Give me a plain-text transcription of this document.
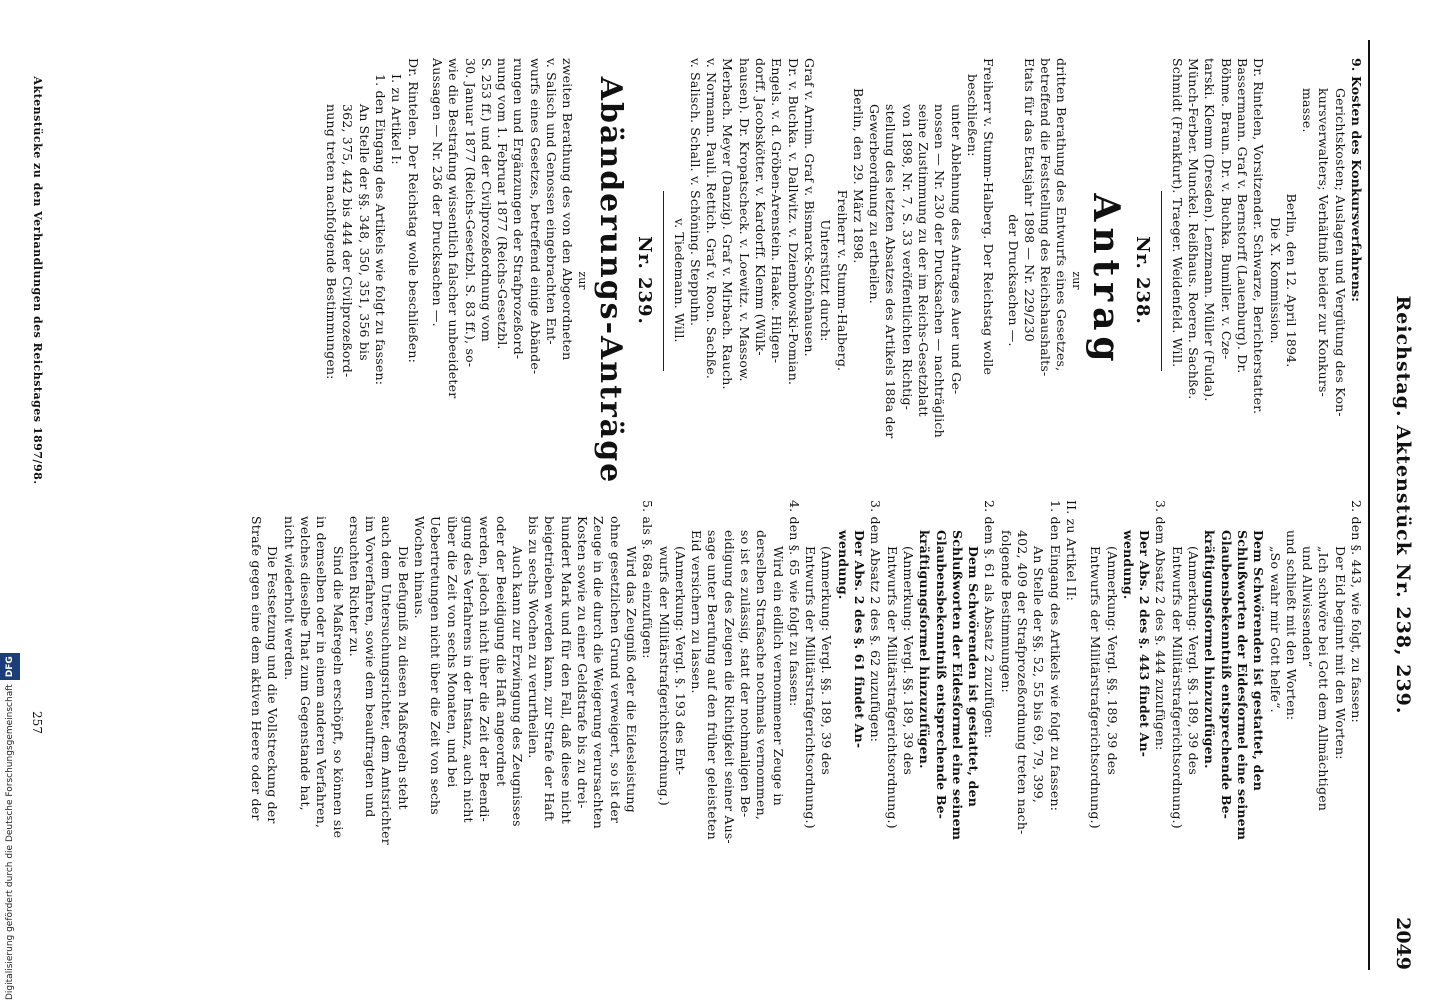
Reichstag. Aktenstück Nr. 238, 239.
2049
9. Kosten des Konkursverfahrens:
Gerichtskosten; Auslagen und Vergütung des Kon-
kursverwalters; Verhältniß beider zur Konkurs-
masse.
Berlin, den 12. April 1894.
Die X. Kommission.
Dr. Rintelen, Vorsitzender. Schwarze, Berichterstatter.
Bassermann. Graf v. Bernstorff (Lauenburg). Dr.
Böhme. Braun. Dr. v. Buchka. Bumiller. v. Cze-
tarski. Klemm (Dresden). Lenzmann. Müller (Fulda).
Münch-Ferber. Munckel. Reißhaus. Roeren. Sachße.
Schmidt (Frankfurt). Traeger. Weidenfeld. Will.
Nr. 238.
Antrag
zur
dritten Berathung des Entwurfs eines Gesetzes,
betreffend die Feststellung des Reichshaushalts-
Etats für das Etatsjahr 1898 — Nr. 229/230
der Drucksachen —.
Freiherr v. Stumm-Halberg. Der Reichstag wolle
beschließen:
unter Ablehnung des Antrages Auer und Ge-
nossen — Nr. 230 der Drucksachen — nachträglich
seine Zustimmung zu der im Reichs-Gesetzblatt
von 1898, Nr. 7, S. 33 veröffentlichten Richtig-
stellung des letzten Absatzes des Artikels 188a der
Gewerbeordnung zu ertheilen.
Berlin, den 29. März 1898.
Freiherr v. Stumm-Halberg.
Unterstützt durch:
Graf v. Arnim. Graf v. Bismarck-Schönhausen.
Dr. v. Buchka. v. Dallwitz. v. Dziembowski-Pomian.
Engels. v. d. Gröben-Arenstein. Haake. Hilgen-
dorff. Jacobskötter. v. Kardorff. Klemm (Wülk-
hausen). Dr. Kropatscheck. v. Loewitz. v. Massow.
Merbach. Meyer (Danzig). Graf v. Mirbach. Rauch.
v. Normann. Pauli. Rettich. Graf v. Roon. Sachße.
v. Salisch. Schall. v. Schöning. Steppuhn.
v. Tiedemann. Will.
Nr. 239.
Abänderungs-Anträge
zur
zweiten Berathung des von den Abgeordneten
v. Salisch und Genossen eingebrachten Ent-
wurfs eines Gesetzes, betreffend einige Abände-
rungen und Ergänzungen der Strafprozeßord-
nung vom 1. Februar 1877 (Reichs-Gesetzbl.
S. 253 ff.) und der Civilprozeßordnung vom
30. Januar 1877 (Reichs-Gesetzbl. S. 83 ff.), so-
wie die Bestrafung wissentlich falscher unbeeideter
Aussagen — Nr. 236 der Drucksachen —.
Dr. Rintelen. Der Reichstag wolle beschließen:
I. zu Artikel I:
1. den Eingang des Artikels wie folgt zu fassen:
An Stelle der §§. 348, 350, 351, 356 bis
362, 375, 442 bis 444 der Civilprozeßord-
nung treten nachfolgende Bestimmungen:
2. den §. 443, wie folgt, zu fassen:
Der Eid beginnt mit den Worten:
„Ich schwöre bei Gott dem Allmächtigen
und Allwissenden“
und schließt mit den Worten:
„So wahr mir Gott helfe“.
Dem Schwörenden ist gestattet, den
Schlußworten der Eidesformel eine seinem
Glaubensbekenntniß entsprechende Be-
kräftigungsformel hinzuzufügen.
(Anmerkung: Vergl. §§. 189, 39 des
Entwurfs der Militärstrafgerichtsordnung.)
3. dem Absatz 2 des §. 444 zuzufügen:
Der Abs. 2 des §. 443 findet An-
wendung.
(Anmerkung: Vergl. §§. 189, 39 des
Entwurfs der Militärstrafgerichtsordnung.)
II. zu Artikel II:
1. den Eingang des Artikels wie folgt zu fassen:
An Stelle der §§. 52, 55 bis 69, 79, 399,
402, 409 der Strafprozeßordnung treten nach-
folgende Bestimmungen:
2. dem §. 61 als Absatz 2 zuzufügen:
Dem Schwörenden ist gestattet, den
Schlußworten der Eidesformel eine seinem
Glaubensbekenntniß entsprechende Be-
kräftigungsformel hinzuzufügen.
(Anmerkung: Vergl. §§. 189, 39 des
Entwurfs der Militärstrafgerichtsordnung.)
3. dem Absatz 2 des §. 62 zuzufügen:
Der Abs. 2 des §. 61 findet An-
wendung.
(Anmerkung: Vergl. §§. 189, 39 des
Entwurfs der Militärstrafgerichtsordnung.)
4. den §. 65 wie folgt zu fassen:
Wird ein eidlich vernommener Zeuge in
derselben Strafsache nochmals vernommen,
so ist es zulässig, statt der nochmaligen Be-
eidigung des Zeugen die Richtigkeit seiner Aus-
sage unter Berufung auf den früher geleisteten
Eid versichern zu lassen.
(Anmerkung: Vergl. §. 193 des Ent-
wurfs der Militärstrafgerichtsordnung.)
5. als §. 68a einzufügen:
Wird das Zeugniß oder die Eidesleistung
ohne gesetzlichen Grund verweigert, so ist der
Zeuge in die durch die Weigerung verursachten
Kosten sowie zu einer Geldstrafe bis zu drei-
hundert Mark und für den Fall, daß diese nicht
beigetrieben werden kann, zur Strafe der Haft
bis zu sechs Wochen zu verurtheilen.
Auch kann zur Erzwingung des Zeugnisses
oder der Beeidigung die Haft angeordnet
werden, jedoch nicht über die Zeit der Beendi-
gung des Verfahrens in der Instanz, auch nicht
über die Zeit von sechs Monaten, und bei
Uebertretungen nicht über die Zeit von sechs
Wochen hinaus.
Die Befugniß zu diesen Maßregeln steht
auch dem Untersuchungsrichter, dem Amtsrichter
im Vorverfahren, sowie dem beauftragten und
ersuchten Richter zu.
Sind die Maßregeln erschöpft, so können sie
in demselben oder in einem anderen Verfahren,
welches dieselbe That zum Gegenstande hat,
nicht wiederholt werden.
Die Festsetzung und die Vollstreckung der
Strafe gegen eine dem aktiven Heere oder der
Aktenstücke zu den Verhandlungen des Reichstages 1897/98.
257
Digitalisierung gefördert durch die Deutsche ForschungsgemeinschaftDFG
